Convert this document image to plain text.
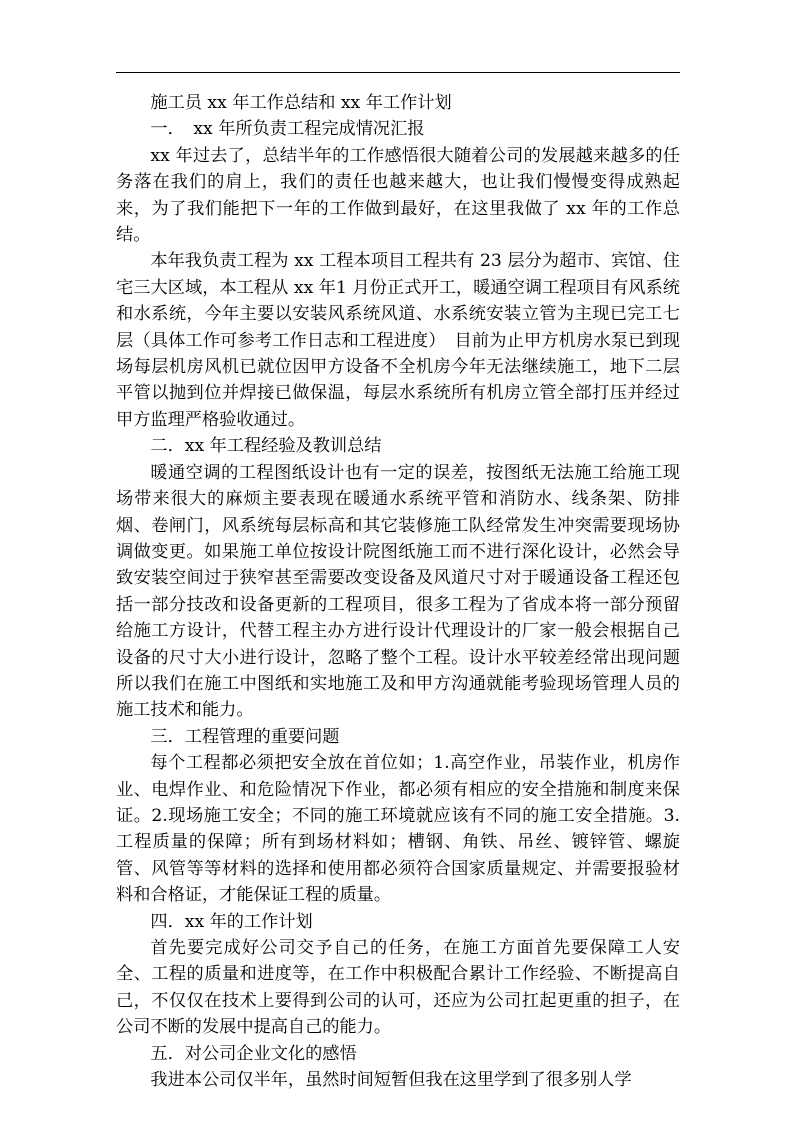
施工员 xx 年工作总结和 xx 年工作计划

一．　xx 年所负责工程完成情况汇报

xx 年过去了，总结半年的工作感悟很大随着公司的发展越来越多的任务落在我们的肩上，我们的责任也越来越大，也让我们慢慢变得成熟起来，为了我们能把下一年的工作做到最好，在这里我做了 xx 年的工作总结。

本年我负责工程为 xx 工程本项目工程共有 23 层分为超市、宾馆、住宅三大区域，本工程从 xx 年1 月份正式开工，暖通空调工程项目有风系统和水系统，今年主要以安装风系统风道、水系统安装立管为主现已完工七层（具体工作可参考工作日志和工程进度）　目前为止甲方机房水泵已到现场每层机房风机已就位因甲方设备不全机房今年无法继续施工，地下二层平管以抛到位并焊接已做保温，每层水系统所有机房立管全部打压并经过甲方监理严格验收通过。

二．xx 年工程经验及教训总结

暖通空调的工程图纸设计也有一定的误差，按图纸无法施工给施工现场带来很大的麻烦主要表现在暖通水系统平管和消防水、线条架、防排烟、卷闸门，风系统每层标高和其它装修施工队经常发生冲突需要现场协调做变更。如果施工单位按设计院图纸施工而不进行深化设计，必然会导致安装空间过于狭窄甚至需要改变设备及风道尺寸对于暖通设备工程还包括一部分技改和设备更新的工程项目，很多工程为了省成本将一部分预留给施工方设计，代替工程主办方进行设计代理设计的厂家一般会根据自己设备的尺寸大小进行设计，忽略了整个工程。设计水平较差经常出现问题所以我们在施工中图纸和实地施工及和甲方沟通就能考验现场管理人员的施工技术和能力。

三．工程管理的重要问题

每个工程都必须把安全放在首位如；1.高空作业，吊装作业，机房作业、电焊作业、和危险情况下作业，都必须有相应的安全措施和制度来保证。2.现场施工安全；不同的施工环境就应该有不同的施工安全措施。3.工程质量的保障；所有到场材料如；槽钢、角铁、吊丝、镀锌管、螺旋管、风管等等材料的选择和使用都必须符合国家质量规定、并需要报验材料和合格证，才能保证工程的质量。

四．xx 年的工作计划

首先要完成好公司交予自己的任务，在施工方面首先要保障工人安全、工程的质量和进度等，在工作中积极配合累计工作经验、不断提高自己，不仅仅在技术上要得到公司的认可，还应为公司扛起更重的担子，在公司不断的发展中提高自己的能力。

五．对公司企业文化的感悟

我进本公司仅半年，虽然时间短暂但我在这里学到了很多别人学
